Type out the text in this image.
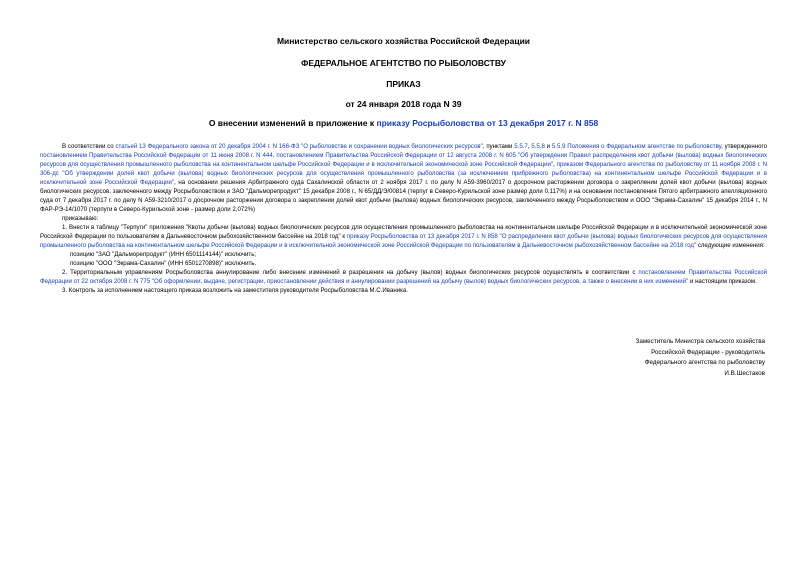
Министерство сельского хозяйства Российской Федерации
ФЕДЕРАЛЬНОЕ АГЕНТСТВО ПО РЫБОЛОВСТВУ
ПРИКАЗ
от 24 января 2018 года N 39
О внесении изменений в приложение к приказу Росрыболовства от 13 декабря 2017 г. N 858

В соответствии со статьей 13 Федерального закона от 20 декабря 2004 г. N 166-ФЗ "О рыболовстве и сохранении водных биологических ресурсов", пунктами 5.5.7, 5.5.8 и 5.5.9 Положения о Федеральном агентстве по рыболовству, утвержденного постановлением Правительства Российской Федерации от 11 июня 2008 г. N 444, постановлением Правительства Российской Федерации от 12 августа 2008 г. N 605 "Об утверждении Правил распределения квот добычи (вылова) водных биологических ресурсов для осуществления промышленного рыболовства на континентальном шельфе Российской Федерации и в исключительной экономической зоне Российской Федерации", приказом Федерального агентства по рыболовству от 11 ноября 2008 г. N 306-дс "Об утверждении долей квот добычи (вылова) водных биологических ресурсов для осуществления промышленного рыболовства (за исключением прибрежного рыболовства) на континентальном шельфе Российской Федерации и в исключительной зоне Российской Федерации", на основании решения Арбитражного суда Сахалинской области от 2 ноября 2017 г. по делу N А59-3960/2017 о досрочном расторжении договора о закреплении долей квот добычи (вылова) водных биологических ресурсов, заключенного между Росрыболовством и ЗАО "Дальморепродукт" 15 декабря 2008 г., N 65/ДД/Э/00814 (терпуг в Северо-Курильской зоне размер доли 0,117%) и на основании постановления Пятого арбитражного апелляционного суда от 7 декабря 2017 г. по делу N А59-3210/2017 о досрочном расторжении договора о закреплении долей квот добычи (вылова) водных биологических ресурсов, заключенного между Росрыболовством и ООО "Экрама-Сахалин" 15 декабря 2014 г., N ФАР-РЭ-14/1070 (терпуги в Северо-Курильской зоне - размер доли 2,072%)

приказываю:

1. Внести в таблицу "Терпуги" приложения "Квоты добычи (вылова) водных биологических ресурсов для осуществления промышленного рыболовства на континентальном шельфе Российской Федерации и в исключительной экономической зоне Российской Федерации по пользователям в Дальневосточном рыбохозяйственном бассейне на 2018 год" к приказу Росрыболовства от 13 декабря 2017 г. N 858 "О распределении квот добычи (вылова) водных биологических ресурсов для осуществления промышленного рыболовства на континентальном шельфе Российской Федерации и в исключительной экономической зоне Российской Федерации по пользователям в Дальневосточном рыбохозяйственном бассейне на 2018 год" следующие изменения:

позицию "ЗАО "Дальморепродукт" (ИНН 6501114144)" исключить;

позицию "ООО "Экрама-Сахалин" (ИНН 6501270898)" исключить.

2. Территориальным управлениям Росрыболовства аннулирование либо внесение изменений в разрешения на добычу (вылов) водных биологических ресурсов осуществлять в соответствии с постановлением Правительства Российской Федерации от 22 октября 2008 г. N 775 "Об оформлении, выдаче, регистрации, приостановлении действия и аннулировании разрешений на добычу (вылов) водных биологических ресурсов, а также о внесении в них изменений" и настоящим приказом.

3. Контроль за исполнением настоящего приказа возложить на заместителя руководителя Росрыболовства М.С.Иваника.

Заместитель Министра сельского хозяйства
Российской Федерации - руководитель
Федерального агентства по рыболовству
И.В.Шестаков
